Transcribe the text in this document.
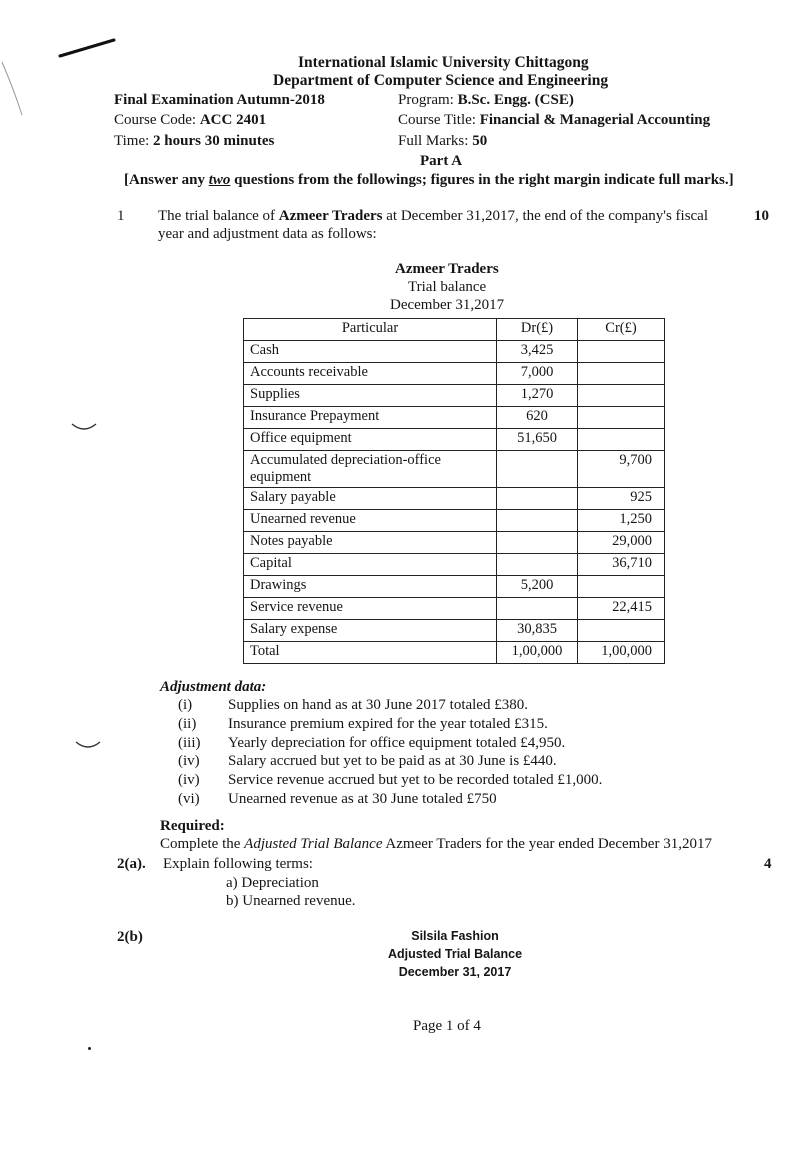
International Islamic University Chittagong
Department of Computer Science and Engineering
Final Examination Autumn-2018	Program: B.Sc. Engg. (CSE)
Course Code: ACC 2401	Course Title: Financial & Managerial Accounting
Time: 2 hours 30 minutes	Full Marks: 50
Part A
[Answer any two questions from the followings; figures in the right margin indicate full marks.]
1 The trial balance of Azmeer Traders at December 31,2017, the end of the company's fiscal	10
year and adjustment data as follows:
Azmeer Traders
Trial balance
December 31,2017
Particular	Dr(£)	Cr(£)
Cash	3,425	
Accounts receivable	7,000	
Supplies	1,270	
Insurance Prepayment	620	
Office equipment	51,650	
Accumulated depreciation-office equipment		9,700
Salary payable		925
Unearned revenue		1,250
Notes payable		29,000
Capital		36,710
Drawings	5,200	
Service revenue		22,415
Salary expense	30,835	
Total	1,00,000	1,00,000
Adjustment data:
(i) Supplies on hand as at 30 June 2017 totaled £380.
(ii) Insurance premium expired for the year totaled £315.
(iii) Yearly depreciation for office equipment totaled £4,950.
(iv) Salary accrued but yet to be paid as at 30 June is £440.
(iv) Service revenue accrued but yet to be recorded totaled £1,000.
(vi) Unearned revenue as at 30 June totaled £750
Required:
Complete the Adjusted Trial Balance Azmeer Traders for the year ended December 31,2017
2(a). Explain following terms:	4
a) Depreciation
b) Unearned revenue.
2(b)	Silsila Fashion
Adjusted Trial Balance
December 31, 2017
Page 1 of 4
